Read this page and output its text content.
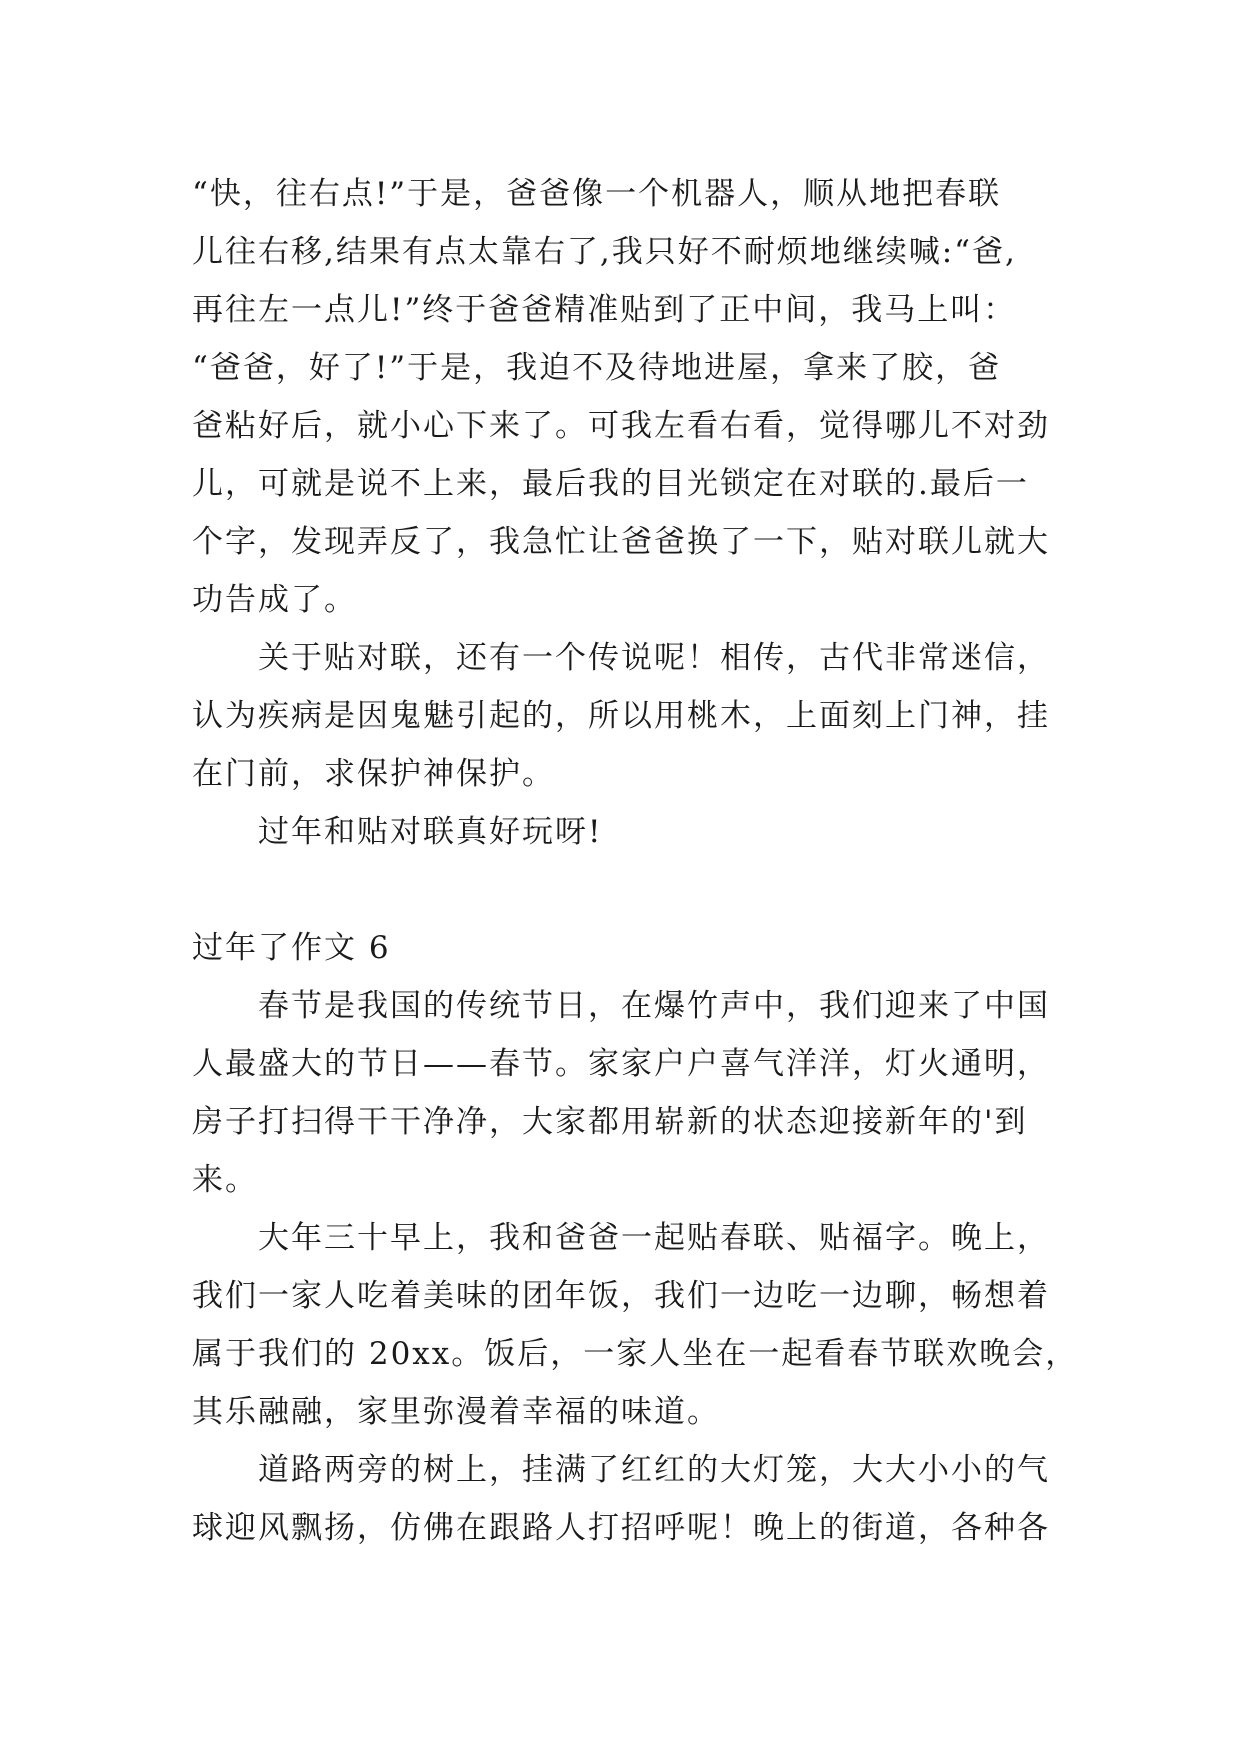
“快，往右点!”于是，爸爸像一个机器人，顺从地把春联
儿往右移,结果有点太靠右了,我只好不耐烦地继续喊:“爸,
再往左一点儿!”终于爸爸精准贴到了正中间，我马上叫：
“爸爸，好了!”于是，我迫不及待地进屋，拿来了胶，爸
爸粘好后，就小心下来了。可我左看右看，觉得哪儿不对劲
儿，可就是说不上来，最后我的目光锁定在对联的.最后一
个字，发现弄反了，我急忙让爸爸换了一下，贴对联儿就大
功告成了。
关于贴对联，还有一个传说呢！相传，古代非常迷信，
认为疾病是因鬼魅引起的，所以用桃木，上面刻上门神，挂
在门前，求保护神保护。
过年和贴对联真好玩呀!
过年了作文 6
春节是我国的传统节日，在爆竹声中，我们迎来了中国
人最盛大的节日——春节。家家户户喜气洋洋，灯火通明，
房子打扫得干干净净，大家都用崭新的状态迎接新年的'到
来。
大年三十早上，我和爸爸一起贴春联、贴福字。晚上，
我们一家人吃着美味的团年饭，我们一边吃一边聊，畅想着
属于我们的 20xx。饭后，一家人坐在一起看春节联欢晚会，
其乐融融，家里弥漫着幸福的味道。
道路两旁的树上，挂满了红红的大灯笼，大大小小的气
球迎风飘扬，仿佛在跟路人打招呼呢！晚上的街道，各种各
